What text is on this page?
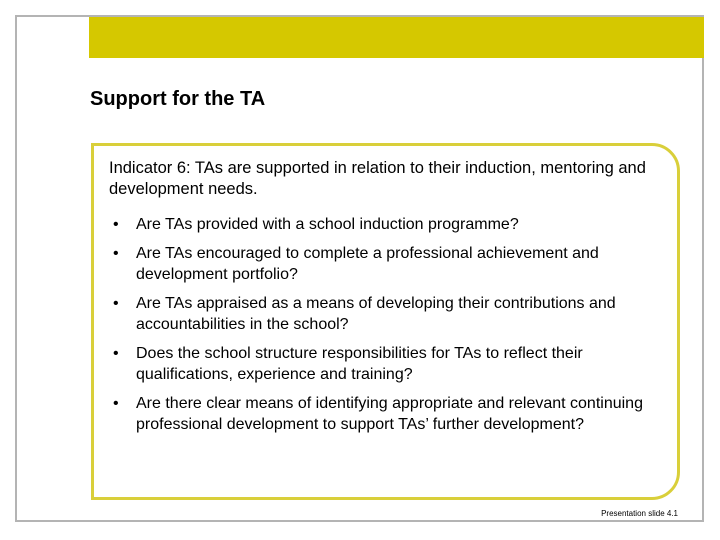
Support for the TA
Indicator 6: TAs are supported in relation to their induction, mentoring and development needs.
• Are TAs provided with a school induction programme?
• Are TAs encouraged to complete a professional achievement and development portfolio?
• Are TAs appraised as a means of developing their contributions and accountabilities in the school?
• Does the school structure responsibilities for TAs to reflect their qualifications, experience and training?
• Are there clear means of identifying appropriate and relevant continuing professional development to support TAs’ further development?
Presentation slide 4.1
